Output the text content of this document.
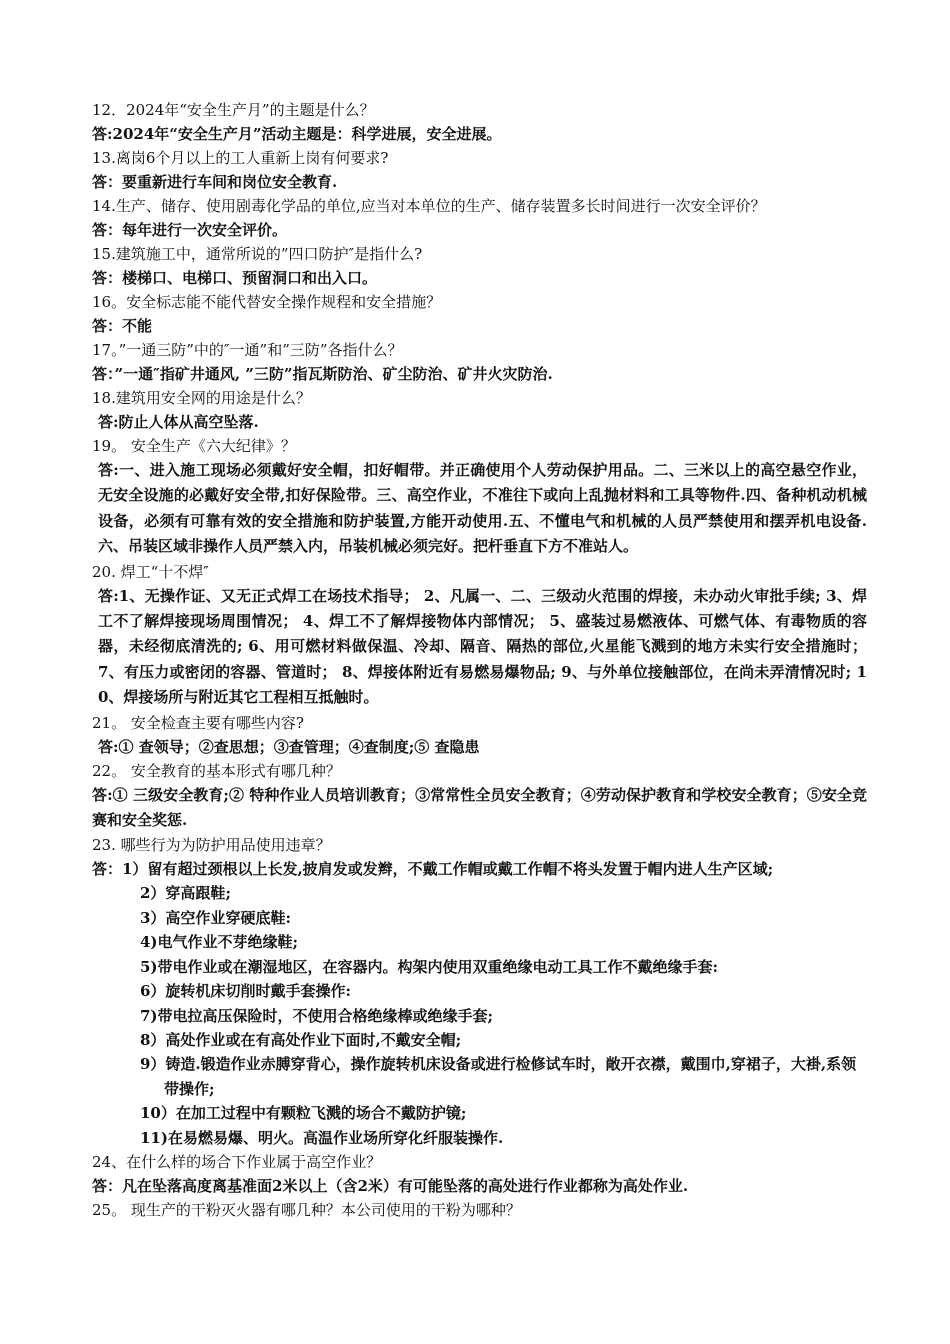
12．2024年“安全生产月”的主题是什么？
答:2024年“安全生产月”活动主题是：科学进展，安全进展。
13.离岗6个月以上的工人重新上岗有何要求?
答：要重新进行车间和岗位安全教育.
14.生产、储存、使用剧毒化学品的单位,应当对本单位的生产、储存装置多长时间进行一次安全评价？
答：每年进行一次安全评价。
15.建筑施工中，通常所说的”四口防护″是指什么?
答：楼梯口、电梯口、预留洞口和出入口。
16。安全标志能不能代替安全操作规程和安全措施？
答：不能
17。”一通三防”中的″一通”和”三防”各指什么？
答：”一通″指矿井通风, ”三防”指瓦斯防治、矿尘防治、矿井火灾防治.
18.建筑用安全网的用途是什么？
答:防止人体从高空坠落.
19。 安全生产《六大纪律》？
答:一、进入施工现场必须戴好安全帽，扣好帽带。并正确使用个人劳动保护用品。二、三米以上的高空悬空作业，无安全设施的必戴好安全带,扣好保险带。三、高空作业，不准往下或向上乱抛材料和工具等物件.四、备种机动机械设备，必须有可靠有效的安全措施和防护装置,方能开动使用.五、不懂电气和机械的人员严禁使用和摆弄机电设备.六、吊装区域非操作人员严禁入内，吊装机械必须完好。把杆垂直下方不准站人。
20. 焊工“十不焊″
答:1、无操作证、又无正式焊工在场技术指导； 2、凡属一、二、三级动火范围的焊接，未办动火审批手续; 3、焊工不了解焊接现场周围情况； 4、焊工不了解焊接物体内部情况； 5、盛装过易燃液体、可燃气体、有毒物质的容器，未经彻底清洗的; 6、用可燃材料做保温、冷却、隔音、隔热的部位,火星能飞溅到的地方未实行安全措施时； 7、有压力或密闭的容器、管道时； 8、焊接体附近有易燃易爆物品; 9、与外单位接触部位，在尚未弄清情况时; 10、焊接场所与附近其它工程相互抵触时。
21。 安全检查主要有哪些内容?
答:① 查领导；②查思想；③查管理；④查制度;⑤ 查隐患
22。 安全教育的基本形式有哪几种？
答:① 三级安全教育;② 特种作业人员培训教育；③常常性全员安全教育；④劳动保护教育和学校安全教育；⑤安全竞赛和安全奖惩.
23. 哪些行为为防护用品使用违章？
答：1）留有超过颈根以上长发,披肩发或发辫，不戴工作帽或戴工作帽不将头发置于帽内进人生产区域;
2）穿高跟鞋;
3）高空作业穿硬底鞋:
4)电气作业不芽绝缘鞋;
5)带电作业或在潮湿地区，在容器内。构架内使用双重绝缘电动工具工作不戴绝缘手套:
6）旋转机床切削时戴手套操作:
7)带电拉高压保险时，不使用合格绝缘棒或绝缘手套;
8）高处作业或在有高处作业下面时,不戴安全帽;
9）铸造.锻造作业赤膊穿背心，操作旋转机床设备或进行检修试车时，敞开衣襟，戴围巾,穿裙子，大褂,系领带操作;
10）在加工过程中有颗粒飞溅的场合不戴防护镜;
11)在易燃易爆、明火。高温作业场所穿化纤服装操作.
24、在什么样的场合下作业属于高空作业？
答：凡在坠落高度离基准面2米以上（含2米）有可能坠落的高处进行作业都称为高处作业.
25。 现生产的干粉灭火器有哪几种？本公司使用的干粉为哪种？
